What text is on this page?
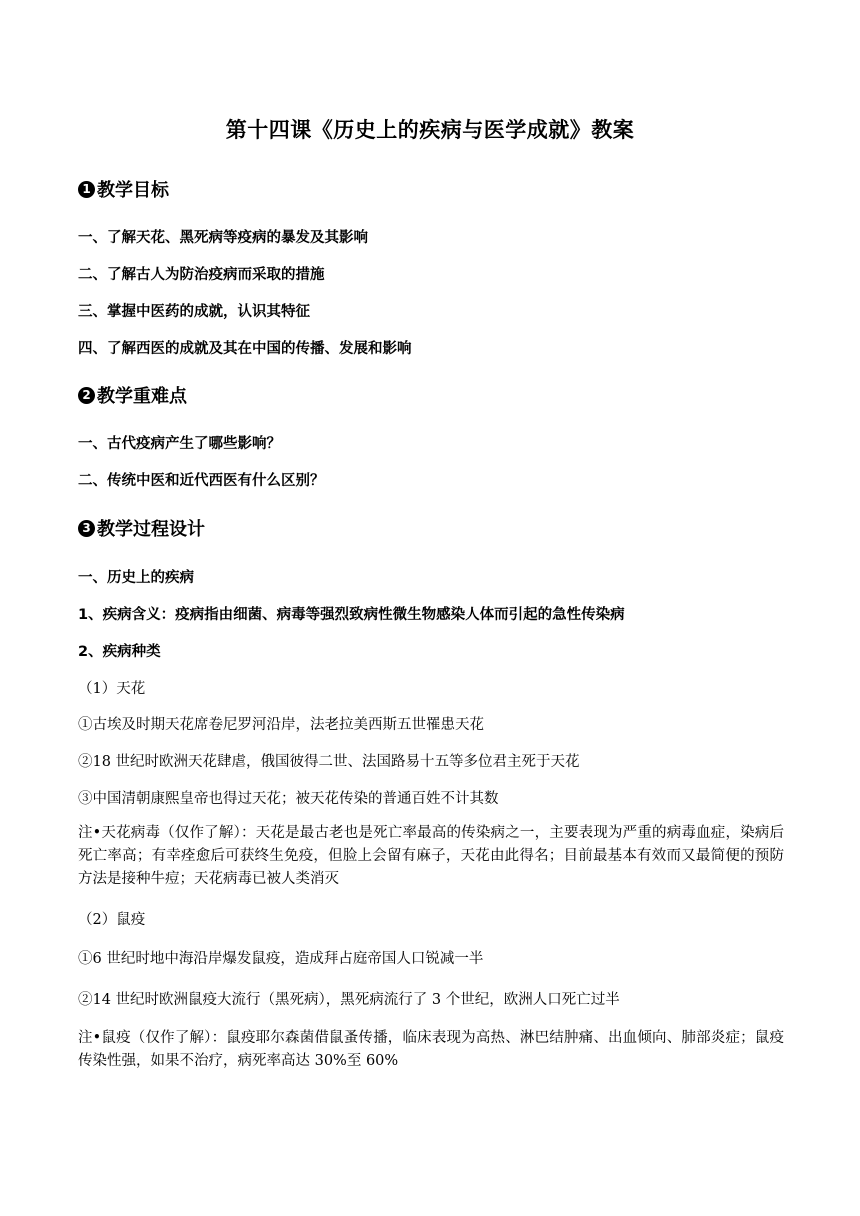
第十四课《历史上的疾病与医学成就》教案
1 教学目标
一、了解天花、黑死病等疫病的暴发及其影响
二、了解古人为防治疫病而采取的措施
三、掌握中医药的成就，认识其特征
四、了解西医的成就及其在中国的传播、发展和影响
2 教学重难点
一、古代疫病产生了哪些影响？
二、传统中医和近代西医有什么区别？
3 教学过程设计
一、历史上的疾病
1、疾病含义：疫病指由细菌、病毒等强烈致病性微生物感染人体而引起的急性传染病
2、疾病种类
（1）天花
①古埃及时期天花席卷尼罗河沿岸，法老拉美西斯五世罹患天花
②18 世纪时欧洲天花肆虐，俄国彼得二世、法国路易十五等多位君主死于天花
③中国清朝康熙皇帝也得过天花；被天花传染的普通百姓不计其数
注•天花病毒（仅作了解）：天花是最古老也是死亡率最高的传染病之一，主要表现为严重的病毒血症，染病后死亡率高；有幸痊愈后可获终生免疫，但脸上会留有麻子，天花由此得名；目前最基本有效而又最简便的预防方法是接种牛痘；天花病毒已被人类消灭
（2）鼠疫
①6 世纪时地中海沿岸爆发鼠疫，造成拜占庭帝国人口锐减一半
②14 世纪时欧洲鼠疫大流行（黑死病），黑死病流行了 3 个世纪，欧洲人口死亡过半
注•鼠疫（仅作了解）：鼠疫耶尔森菌借鼠蚤传播，临床表现为高热、淋巴结肿痛、出血倾向、肺部炎症；鼠疫传染性强，如果不治疗，病死率高达 30%至 60%
